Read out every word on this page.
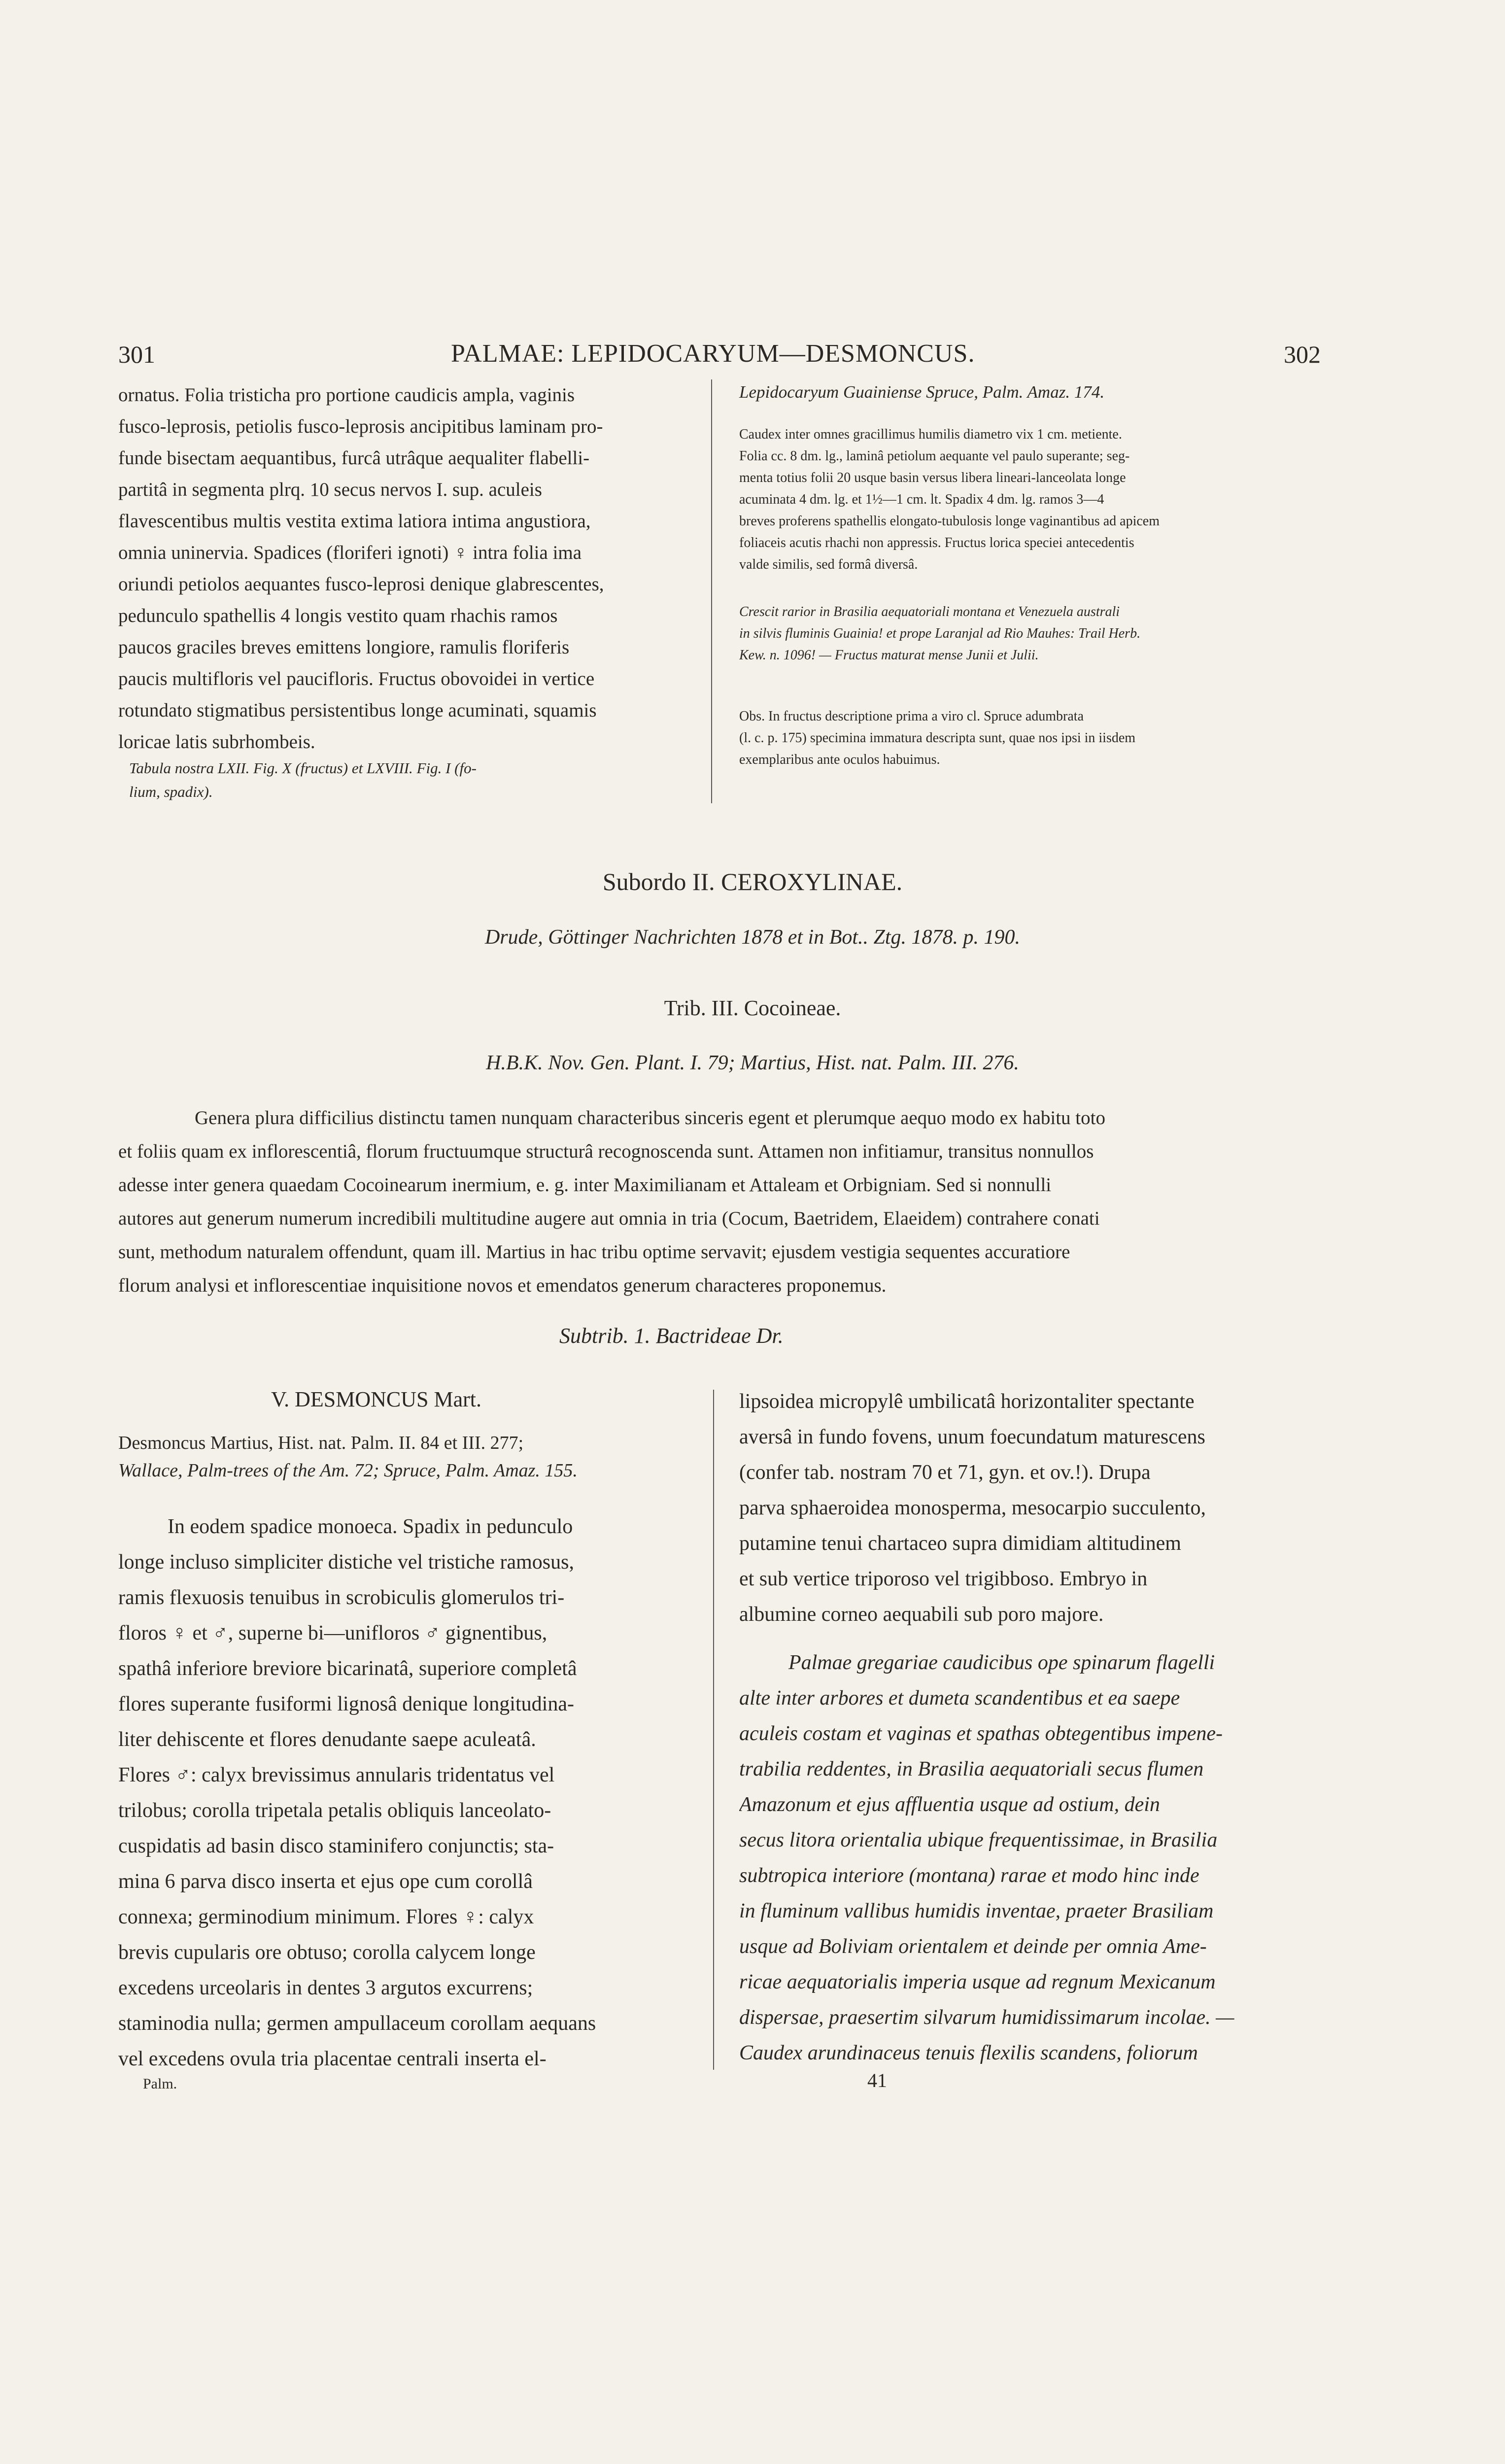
301	PALMAE: LEPIDOCARYUM—DESMONCUS.	302
ornatus. Folia tristicha pro portione caudicis ampla, vaginis
fusco-leprosis, petiolis fusco-leprosis ancipitibus laminam pro-
funde bisectam aequantibus, furcâ utrâque aequaliter flabelli-
partitâ in segmenta plrq. 10 secus nervos I. sup. aculeis
flavescentibus multis vestita extima latiora intima angustiora,
omnia uninervia. Spadices (floriferi ignoti) ♀ intra folia ima
oriundi petiolos aequantes fusco-leprosi denique glabrescentes,
pedunculo spathellis 4 longis vestito quam rhachis ramos
paucos graciles breves emittens longiore, ramulis floriferis
paucis multifloris vel paucifloris. Fructus obovoidei in vertice
rotundato stigmatibus persistentibus longe acuminati, squamis
loricae latis subrhombeis.
Tabula nostra LXII. Fig. X (fructus) et LXVIII. Fig. I (fo-
lium, spadix).
Lepidocaryum Guainiense Spruce, Palm. Amaz. 174.
Caudex inter omnes gracillimus humilis diametro vix 1 cm. metiente.
Folia cc. 8 dm. lg., laminâ petiolum aequante vel paulo superante; seg-
menta totius folii 20 usque basin versus libera lineari-lanceolata longe
acuminata 4 dm. lg. et 1½—1 cm. lt. Spadix 4 dm. lg. ramos 3—4
breves proferens spathellis elongato-tubulosis longe vaginantibus ad apicem
foliaceis acutis rhachi non appressis. Fructus lorica speciei antecedentis
valde similis, sed formâ diversâ.
Crescit rarior in Brasilia aequatoriali montana et Venezuela australi
in silvis fluminis Guainia! et prope Laranjal ad Rio Mauhes: Trail Herb.
Kew. n. 1096! — Fructus maturat mense Junii et Julii.
Obs. In fructus descriptione prima a viro cl. Spruce adumbrata
(l. c. p. 175) specimina immatura descripta sunt, quae nos ipsi in iisdem
exemplaribus ante oculos habuimus.
Subordo II. CEROXYLINAE.
Drude, Göttinger Nachrichten 1878 et in Bot.. Ztg. 1878. p. 190.
Trib. III. Cocoineae.
H.B.K. Nov. Gen. Plant. I. 79; Martius, Hist. nat. Palm. III. 276.
Genera plura difficilius distinctu tamen nunquam characteribus sinceris egent et plerumque aequo modo ex habitu toto
et foliis quam ex inflorescentiâ, florum fructuumque structurâ recognoscenda sunt. Attamen non infitiamur, transitus nonnullos
adesse inter genera quaedam Cocoinearum inermium, e. g. inter Maximilianam et Attaleam et Orbigniam. Sed si nonnulli
autores aut generum numerum incredibili multitudine augere aut omnia in tria (Cocum, Baetridem, Elaeidem) contrahere conati
sunt, methodum naturalem offendunt, quam ill. Martius in hac tribu optime servavit; ejusdem vestigia sequentes accuratiore
florum analysi et inflorescentiae inquisitione novos et emendatos generum characteres proponemus.
Subtrib. 1. Bactrideae Dr.
V. DESMONCUS Mart.
Desmoncus Martius, Hist. nat. Palm. II. 84 et III. 277;
Wallace, Palm-trees of the Am. 72; Spruce, Palm. Amaz. 155.
In eodem spadice monoeca. Spadix in pedunculo
longe incluso simpliciter distiche vel tristiche ramosus,
ramis flexuosis tenuibus in scrobiculis glomerulos tri-
floros ♀ et ♂, superne bi—unifloros ♂ gignentibus,
spathâ inferiore breviore bicarinatâ, superiore completâ
flores superante fusiformi lignosâ denique longitudina-
liter dehiscente et flores denudante saepe aculeatâ.
Flores ♂: calyx brevissimus annularis tridentatus vel
trilobus; corolla tripetala petalis obliquis lanceolato-
cuspidatis ad basin disco staminifero conjunctis; sta-
mina 6 parva disco inserta et ejus ope cum corollâ
connexa; germinodium minimum. Flores ♀: calyx
brevis cupularis ore obtuso; corolla calycem longe
excedens urceolaris in dentes 3 argutos excurrens;
staminodia nulla; germen ampullaceum corollam aequans
vel excedens ovula tria placentae centrali inserta el-
Palm.
lipsoidea micropylê umbilicatâ horizontaliter spectante
aversâ in fundo fovens, unum foecundatum maturescens
(confer tab. nostram 70 et 71, gyn. et ov.!). Drupa
parva sphaeroidea monosperma, mesocarpio succulento,
putamine tenui chartaceo supra dimidiam altitudinem
et sub vertice triporoso vel trigibboso. Embryo in
albumine corneo aequabili sub poro majore.
Palmae gregariae caudicibus ope spinarum flagelli
alte inter arbores et dumeta scandentibus et ea saepe
aculeis costam et vaginas et spathas obtegentibus impene-
trabilia reddentes, in Brasilia aequatoriali secus flumen
Amazonum et ejus affluentia usque ad ostium, dein
secus litora orientalia ubique frequentissimae, in Brasilia
subtropica interiore (montana) rarae et modo hinc inde
in fluminum vallibus humidis inventae, praeter Brasiliam
usque ad Boliviam orientalem et deinde per omnia Ame-
ricae aequatorialis imperia usque ad regnum Mexicanum
dispersae, praesertim silvarum humidissimarum incolae. —
Caudex arundinaceus tenuis flexilis scandens, foliorum
41
